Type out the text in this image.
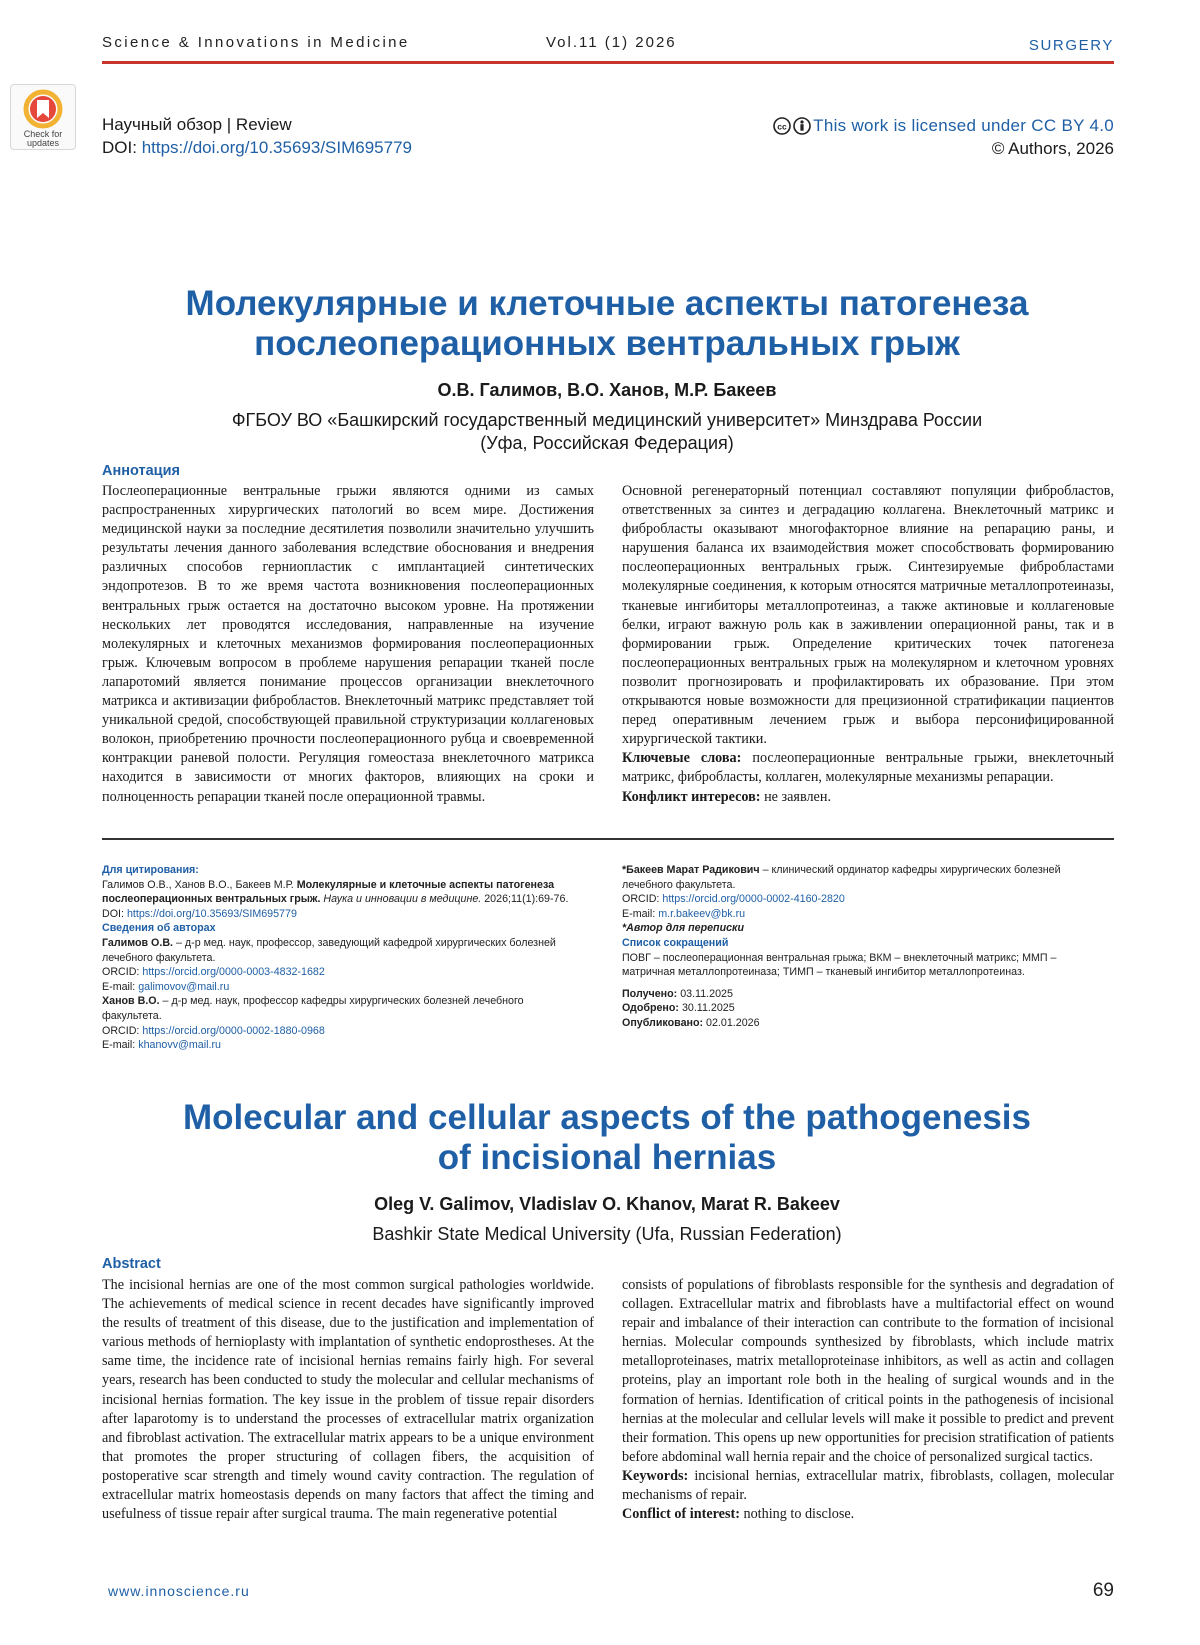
Science & Innovations in Medicine	Vol.11 (1) 2026	SURGERY
Check for updates
Научный обзор | Review
DOI: https://doi.org/10.35693/SIM695779
cc This work is licensed under CC BY 4.0
© Authors, 2026
Молекулярные и клеточные аспекты патогенеза
послеоперационных вентральных грыж
О.В. Галимов, В.О. Ханов, М.Р. Бакеев
ФГБОУ ВО «Башкирский государственный медицинский университет» Минздрава России
(Уфа, Российская Федерация)
Аннотация
Послеоперационные вентральные грыжи являются одними из самых распространенных хирургических патологий во всем мире. Достижения медицинской науки за последние десятилетия позволили значительно улучшить результаты лечения данного заболевания вследствие обоснования и внедрения различных способов герниопластик с имплантацией синтетических эндопротезов. В то же время частота возникновения послеоперационных вентральных грыж остается на достаточно высоком уровне. На протяжении нескольких лет проводятся исследования, направленные на изучение молекулярных и клеточных механизмов формирования послеоперационных грыж. Ключевым вопросом в проблеме нарушения репарации тканей после лапаротомий является понимание процессов организации внеклеточного матрикса и активизации фибробластов. Внеклеточный матрикс представляет той уникальной средой, способствующей правильной структуризации коллагеновых волокон, приобретению прочности послеоперационного рубца и своевременной контракции раневой полости. Регуляция гомеостаза внеклеточного матрикса находится в зависимости от многих факторов, влияющих на сроки и полноценность репарации тканей после операционной травмы.
Основной регенераторный потенциал составляют популяции фибробластов, ответственных за синтез и деградацию коллагена. Внеклеточный матрикс и фибробласты оказывают многофакторное влияние на репарацию раны, и нарушения баланса их взаимодействия может способствовать формированию послеоперационных вентральных грыж. Синтезируемые фибробластами молекулярные соединения, к которым относятся матричные металлопротеиназы, тканевые ингибиторы металлопротеиназ, а также актиновые и коллагеновые белки, играют важную роль как в заживлении операционной раны, так и в формировании грыж. Определение критических точек патогенеза послеоперационных вентральных грыж на молекулярном и клеточном уровнях позволит прогнозировать и профилактировать их образование. При этом открываются новые возможности для прецизионной стратификации пациентов перед оперативным лечением грыж и выбора персонифицированной хирургической тактики.
Ключевые слова: послеоперационные вентральные грыжи, внеклеточный матрикс, фибробласты, коллаген, молекулярные механизмы репарации.
Конфликт интересов: не заявлен.
Для цитирования:
Галимов О.В., Ханов В.О., Бакеев М.Р. Молекулярные и клеточные аспекты патогенеза послеоперационных вентральных грыж. Наука и инновации в медицине. 2026;11(1):69-76. DOI: https://doi.org/10.35693/SIM695779
Сведения об авторах
Галимов О.В. – д-р мед. наук, профессор, заведующий кафедрой хирургических болезней лечебного факультета.
ORCID: https://orcid.org/0000-0003-4832-1682
E-mail: galimovov@mail.ru
Ханов В.О. – д-р мед. наук, профессор кафедры хирургических болезней лечебного факультета.
ORCID: https://orcid.org/0000-0002-1880-0968
E-mail: khanovv@mail.ru
*Бакеев Марат Радикович – клинический ординатор кафедры хирургических болезней лечебного факультета.
ORCID: https://orcid.org/0000-0002-4160-2820
E-mail: m.r.bakeev@bk.ru
*Автор для переписки
Список сокращений
ПОВГ – послеоперационная вентральная грыжа; ВКМ – внеклеточный матрикс; ММП – матричная металлопротеиназа; ТИМП – тканевый ингибитор металлопротеиназ.
Получено: 03.11.2025
Одобрено: 30.11.2025
Опубликовано: 02.01.2026
Molecular and cellular aspects of the pathogenesis
of incisional hernias
Oleg V. Galimov, Vladislav O. Khanov, Marat R. Bakeev
Bashkir State Medical University (Ufa, Russian Federation)
Abstract
The incisional hernias are one of the most common surgical pathologies worldwide. The achievements of medical science in recent decades have significantly improved the results of treatment of this disease, due to the justification and implementation of various methods of hernioplasty with implantation of synthetic endoprostheses. At the same time, the incidence rate of incisional hernias remains fairly high. For several years, research has been conducted to study the molecular and cellular mechanisms of incisional hernias formation. The key issue in the problem of tissue repair disorders after laparotomy is to understand the processes of extracellular matrix organization and fibroblast activation. The extracellular matrix appears to be a unique environment that promotes the proper structuring of collagen fibers, the acquisition of postoperative scar strength and timely wound cavity contraction. The regulation of extracellular matrix homeostasis depends on many factors that affect the timing and usefulness of tissue repair after surgical trauma. The main regenerative potential
consists of populations of fibroblasts responsible for the synthesis and degradation of collagen. Extracellular matrix and fibroblasts have a multifactorial effect on wound repair and imbalance of their interaction can contribute to the formation of incisional hernias. Molecular compounds synthesized by fibroblasts, which include matrix metalloproteinases, matrix metalloproteinase inhibitors, as well as actin and collagen proteins, play an important role both in the healing of surgical wounds and in the formation of hernias. Identification of critical points in the pathogenesis of incisional hernias at the molecular and cellular levels will make it possible to predict and prevent their formation. This opens up new opportunities for precision stratification of patients before abdominal wall hernia repair and the choice of personalized surgical tactics.
Keywords: incisional hernias, extracellular matrix, fibroblasts, collagen, molecular mechanisms of repair.
Conflict of interest: nothing to disclose.
www.innoscience.ru	69
